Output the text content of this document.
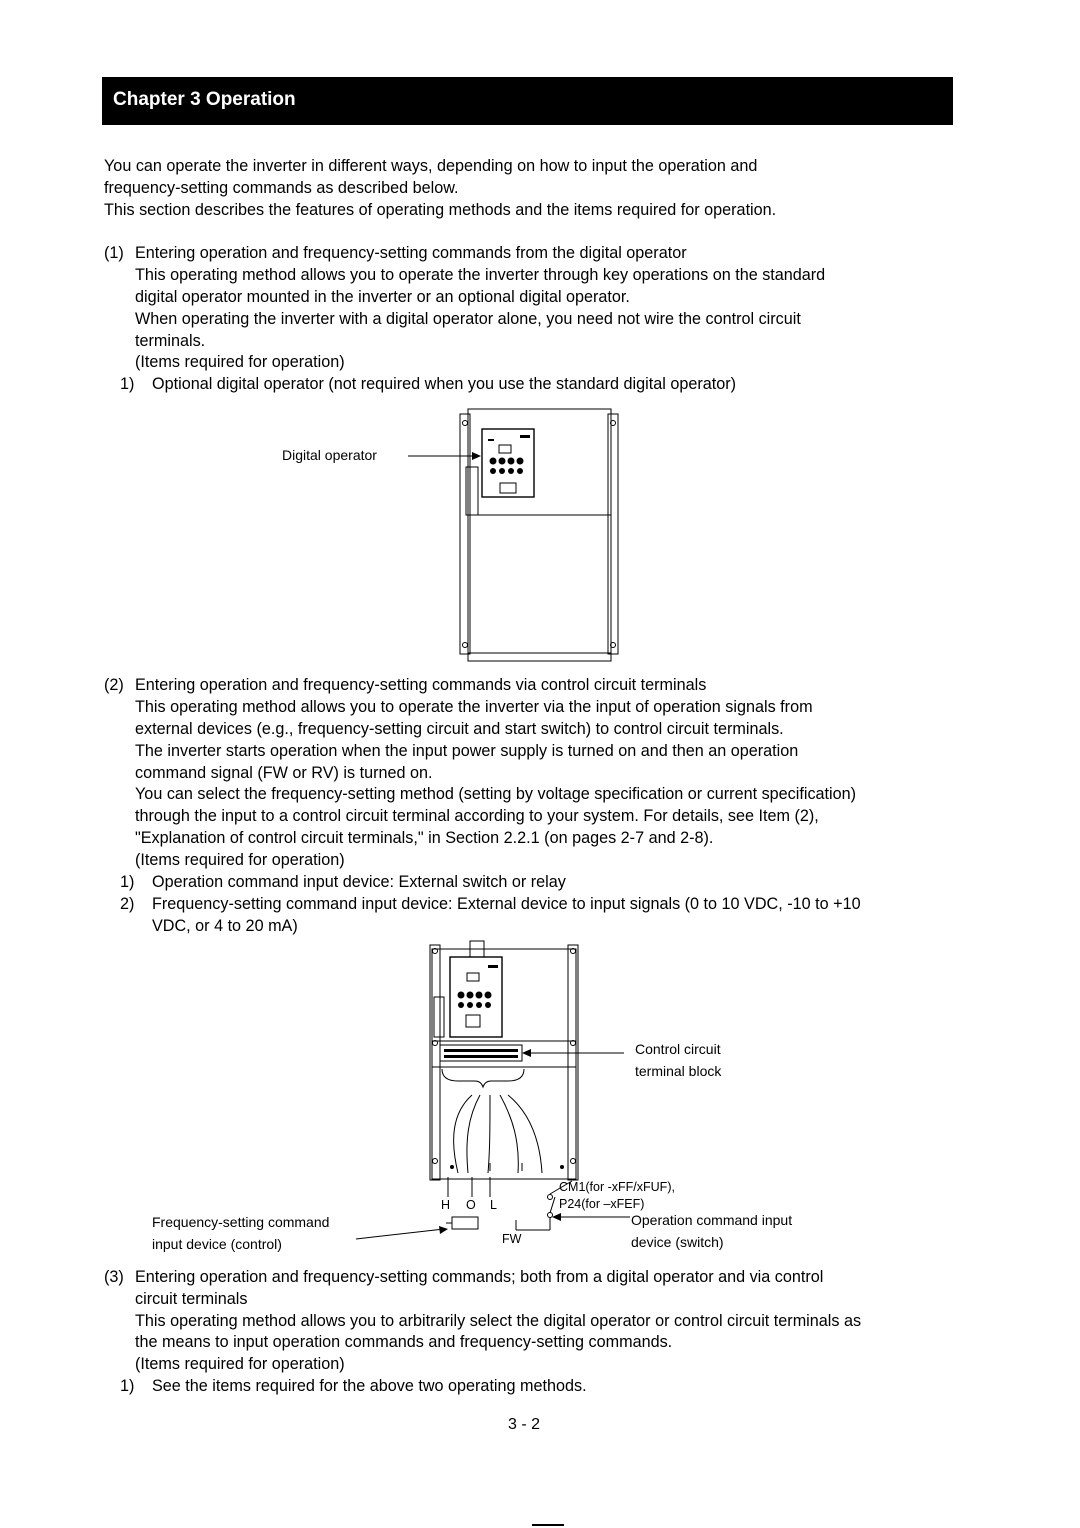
Chapter 3 Operation
You can operate the inverter in different ways, depending on how to input the operation and
frequency-setting commands as described below.
This section describes the features of operating methods and the items required for operation.
(1) Entering operation and frequency-setting commands from the digital operator
This operating method allows you to operate the inverter through key operations on the standard
digital operator mounted in the inverter or an optional digital operator.
When operating the inverter with a digital operator alone, you need not wire the control circuit
terminals.
(Items required for operation)
1) Optional digital operator (not required when you use the standard digital operator)
Digital operator
(2) Entering operation and frequency-setting commands via control circuit terminals
This operating method allows you to operate the inverter via the input of operation signals from
external devices (e.g., frequency-setting circuit and start switch) to control circuit terminals.
The inverter starts operation when the input power supply is turned on and then an operation
command signal (FW or RV) is turned on.
You can select the frequency-setting method (setting by voltage specification or current specification)
through the input to a control circuit terminal according to your system. For details, see Item (2),
"Explanation of control circuit terminals," in Section 2.2.1 (on pages 2-7 and 2-8).
(Items required for operation)
1) Operation command input device: External switch or relay
2) Frequency-setting command input device: External device to input signals (0 to 10 VDC, -10 to +10
VDC, or 4 to 20 mA)
Control circuit
terminal block
H O L
CM1(for -xFF/xFUF),
P24(for –xFEF)
Frequency-setting command
input device (control)	FW
Operation command input
device (switch)
(3) Entering operation and frequency-setting commands; both from a digital operator and via control
circuit terminals
This operating method allows you to arbitrarily select the digital operator or control circuit terminals as
the means to input operation commands and frequency-setting commands.
(Items required for operation)
1) See the items required for the above two operating methods.
3 - 2
